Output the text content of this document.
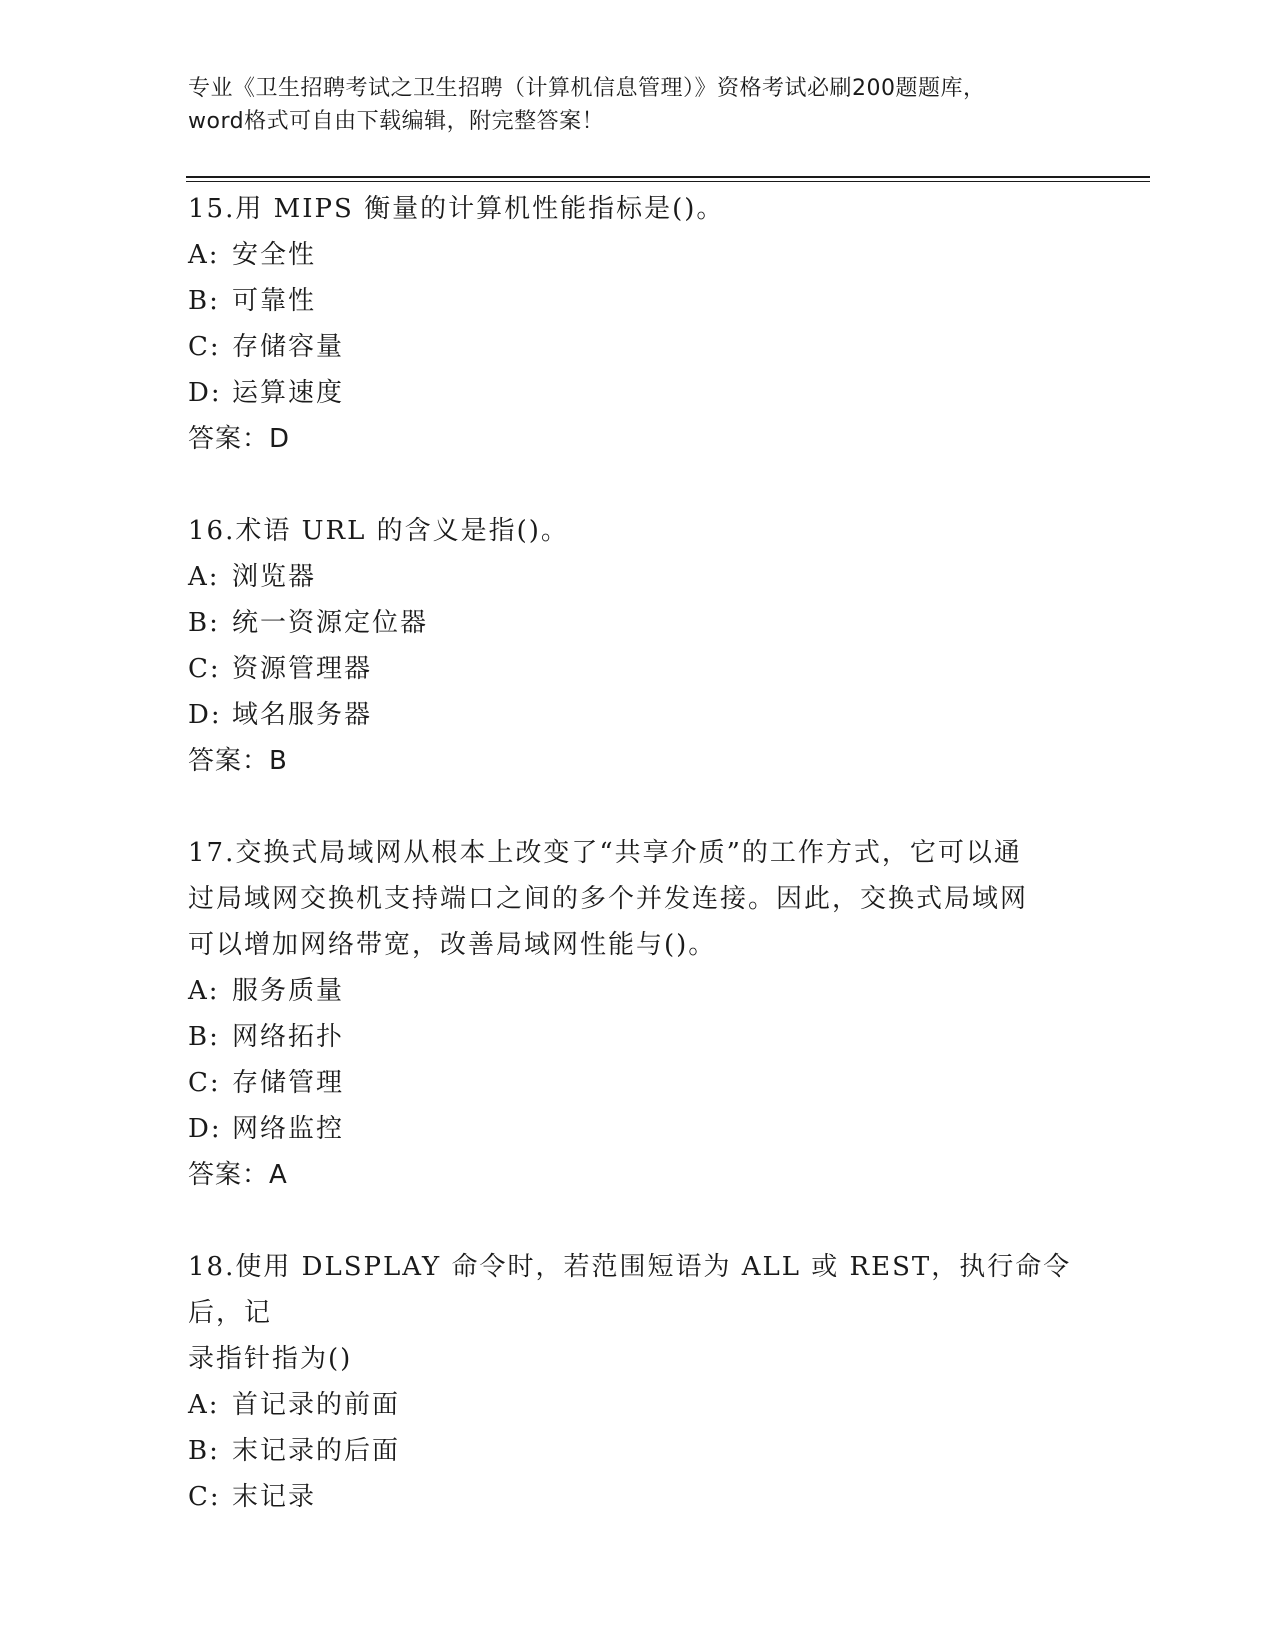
专业《卫生招聘考试之卫生招聘（计算机信息管理）》资格考试必刷200题题库，
word格式可自由下载编辑，附完整答案！
15.用 MIPS 衡量的计算机性能指标是()。
A: 安全性
B: 可靠性
C: 存储容量
D: 运算速度
答案：D
16.术语 URL 的含义是指()。
A: 浏览器
B: 统一资源定位器
C: 资源管理器
D: 域名服务器
答案：B
17.交换式局域网从根本上改变了“共享介质”的工作方式，它可以通
过局域网交换机支持端口之间的多个并发连接。因此，交换式局域网
可以增加网络带宽，改善局域网性能与()。
A: 服务质量
B: 网络拓扑
C: 存储管理
D: 网络监控
答案：A
18.使用 DLSPLAY 命令时，若范围短语为 ALL 或 REST，执行命令后，记
录指针指为()
A: 首记录的前面
B: 末记录的后面
C: 末记录
